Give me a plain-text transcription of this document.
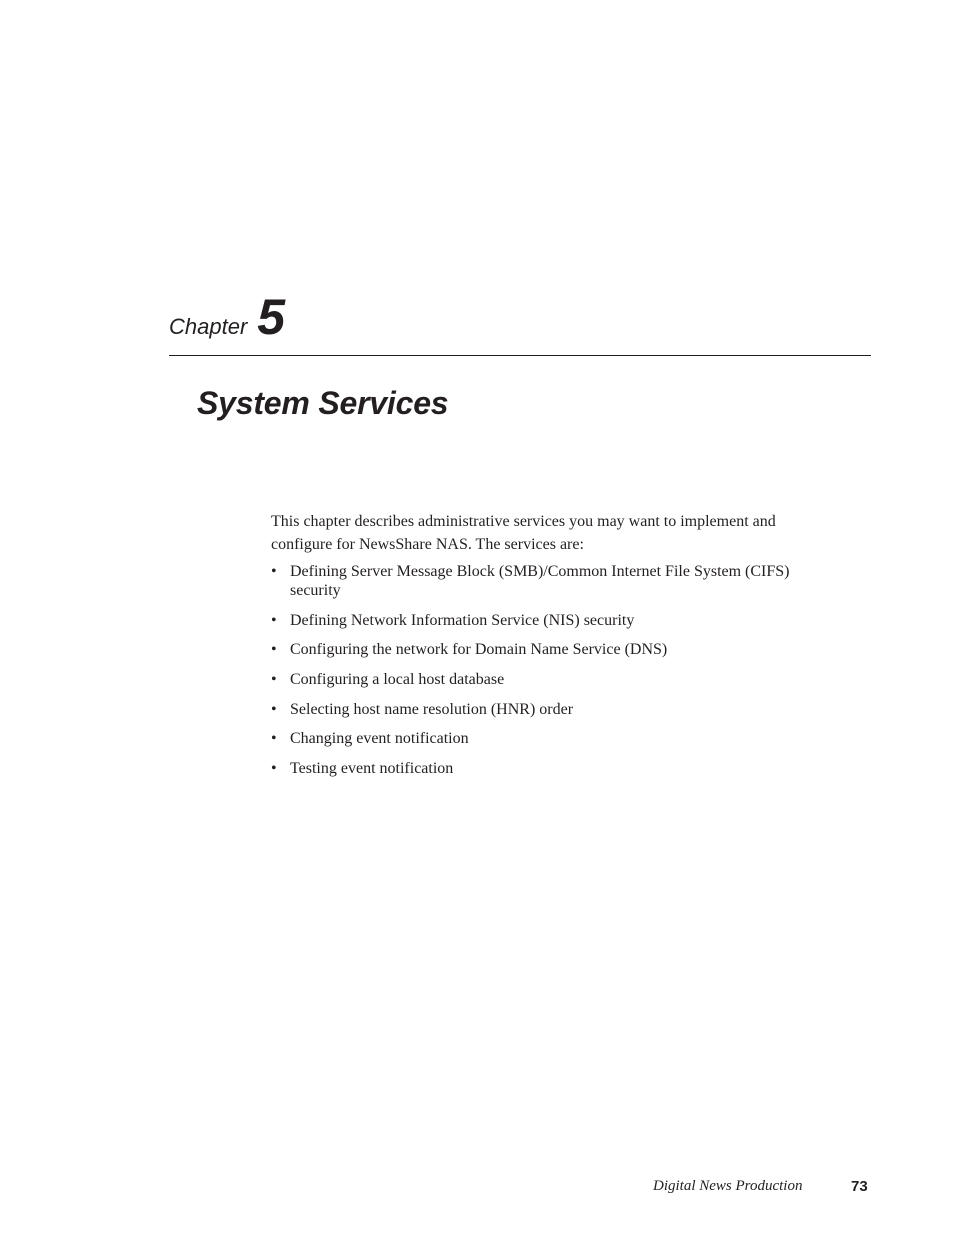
Chapter 5
System Services

This chapter describes administrative services you may want to implement and configure for NewsShare NAS. The services are:

• Defining Server Message Block (SMB)/Common Internet File System (CIFS) security
• Defining Network Information Service (NIS) security
• Configuring the network for Domain Name Service (DNS)
• Configuring a local host database
• Selecting host name resolution (HNR) order
• Changing event notification
• Testing event notification
Digital News Production	73
